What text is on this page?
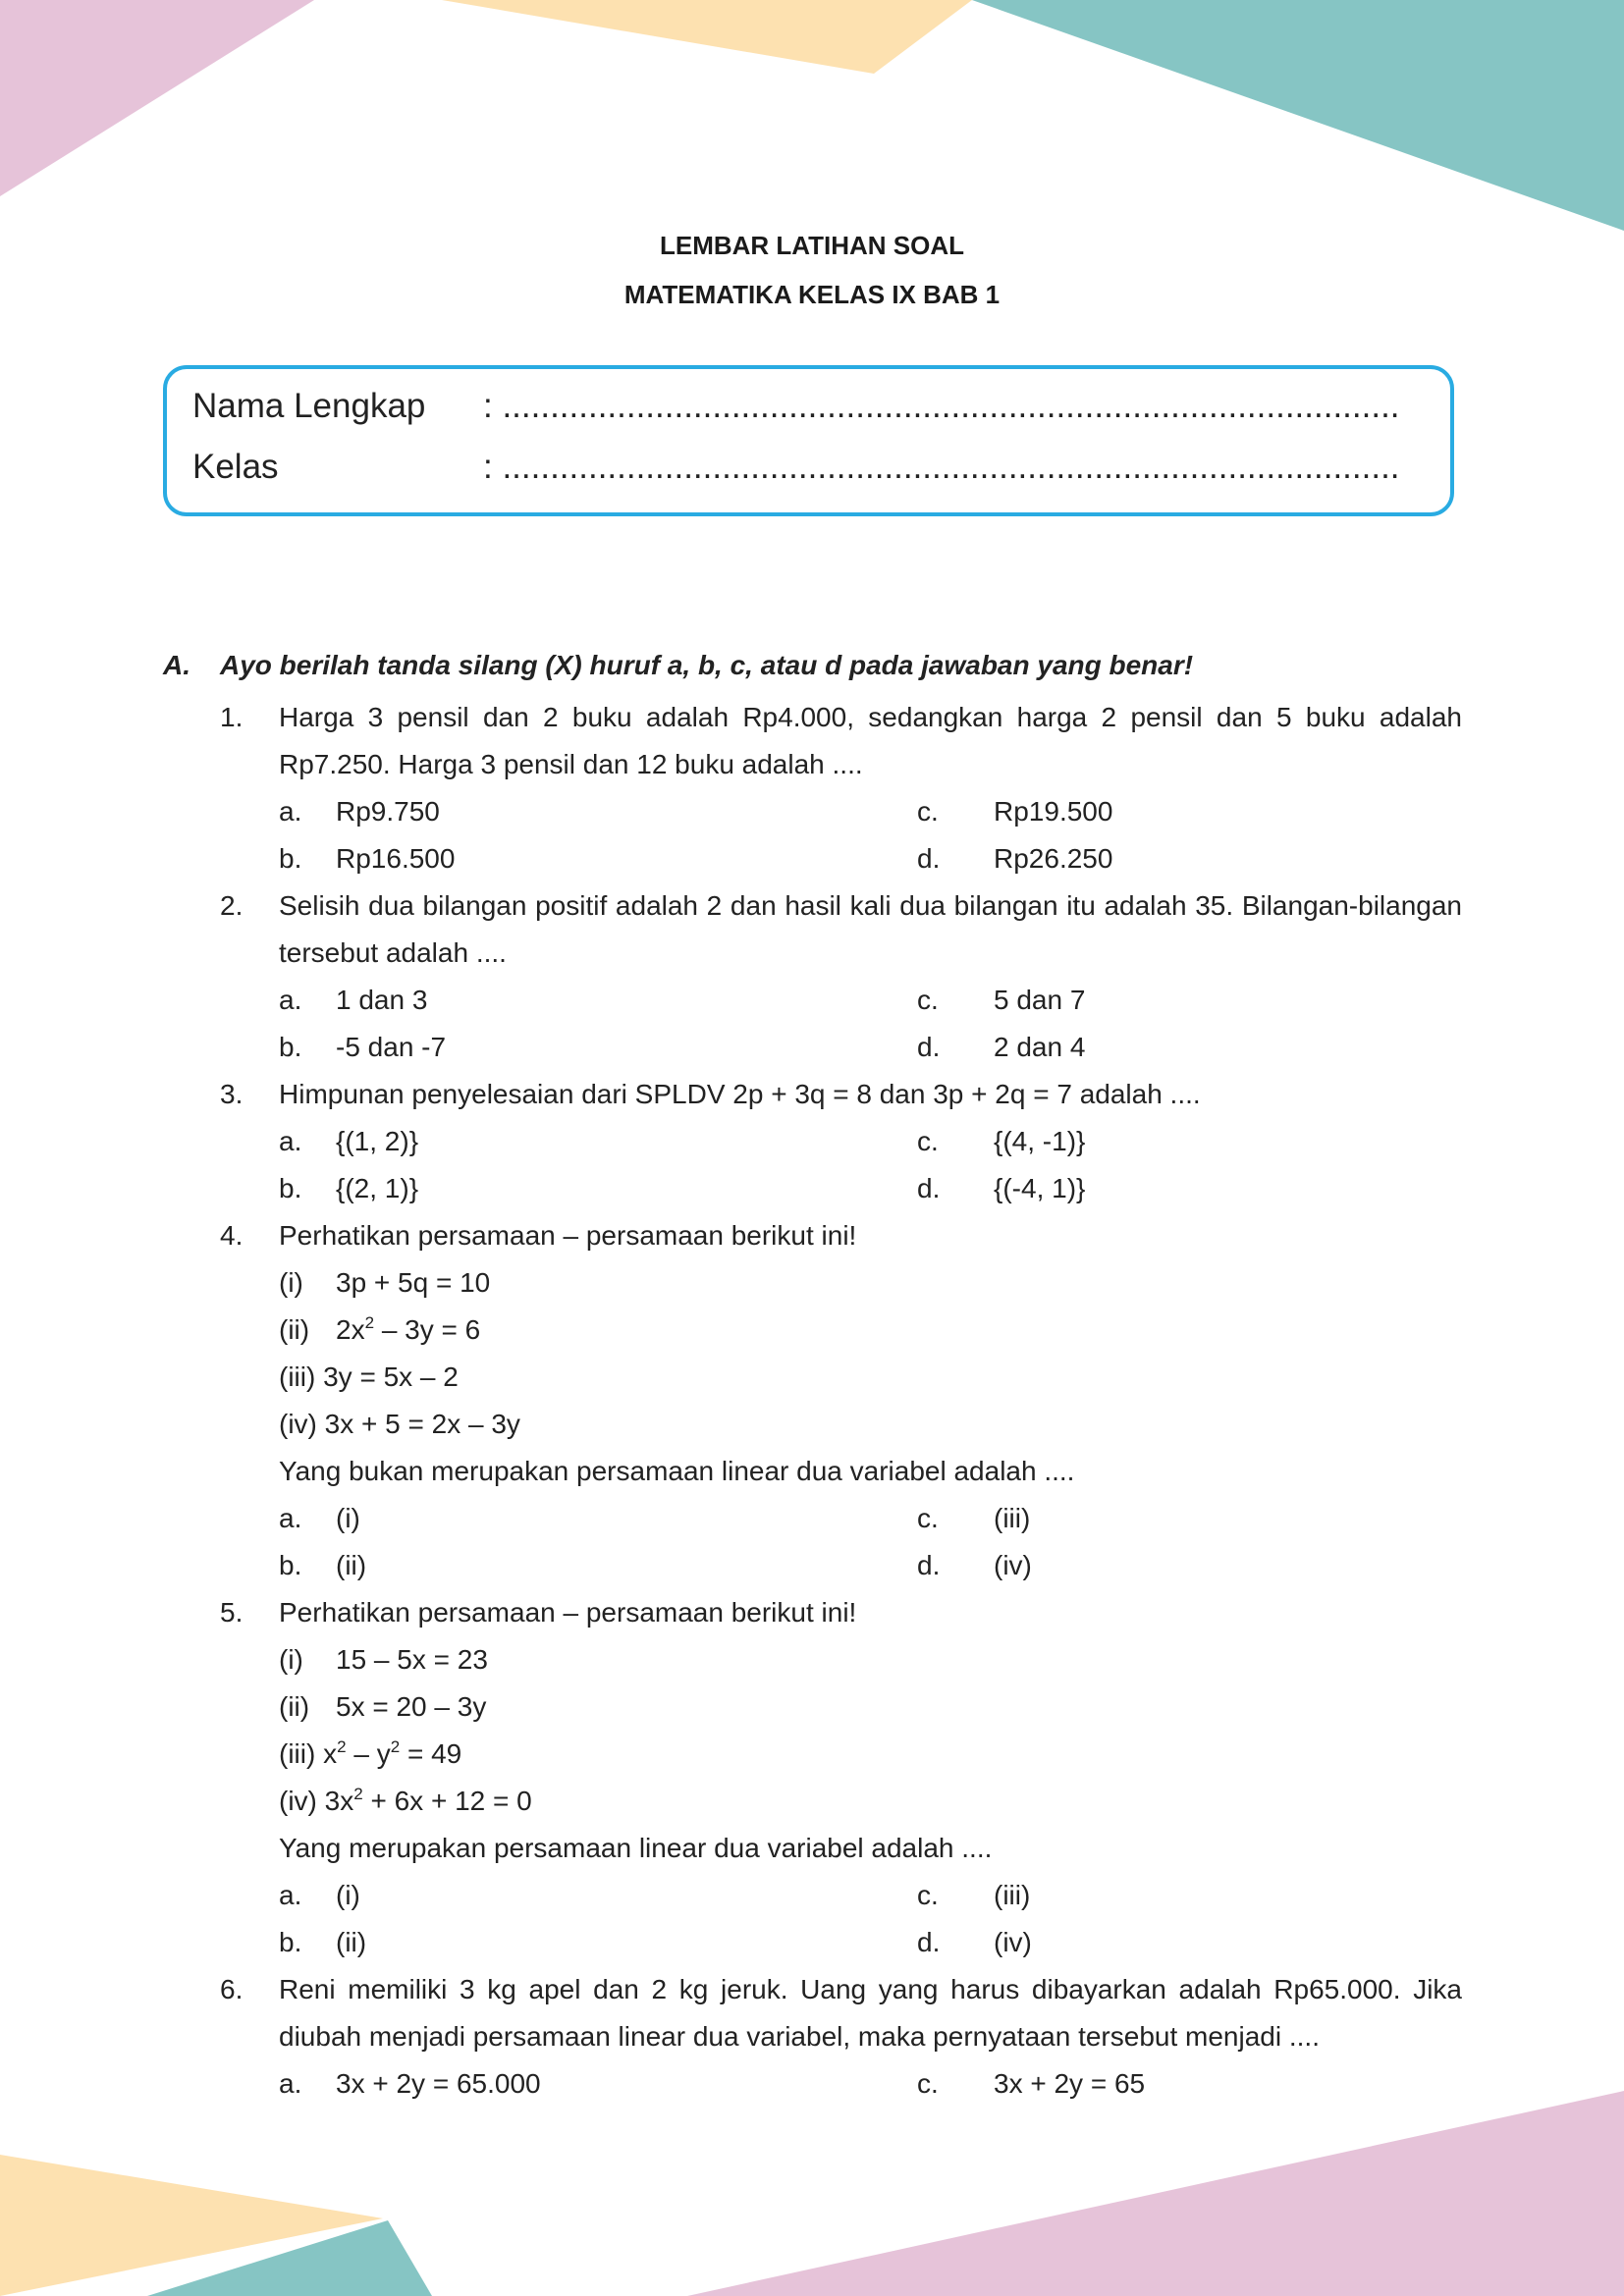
LEMBAR LATIHAN SOAL
MATEMATIKA KELAS IX BAB 1
Nama Lengkap : ..............................................................................................
Kelas	: ..............................................................................................
A. Ayo berilah tanda silang (X) huruf a, b, c, atau d pada jawaban yang benar!
1. Harga 3 pensil dan 2 buku adalah Rp4.000, sedangkan harga 2 pensil dan 5 buku adalah
Rp7.250. Harga 3 pensil dan 12 buku adalah ....
a. Rp9.750	c. Rp19.500
b. Rp16.500	d. Rp26.250
2. Selisih dua bilangan positif adalah 2 dan hasil kali dua bilangan itu adalah 35. Bilangan-bilangan
tersebut adalah ....
a. 1 dan 3	c. 5 dan 7
b. -5 dan -7	d. 2 dan 4
3. Himpunan penyelesaian dari SPLDV 2p + 3q = 8 dan 3p + 2q = 7 adalah ....
a. {(1, 2)}	c. {(4, -1)}
b. {(2, 1)}	d. {(-4, 1)}
4. Perhatikan persamaan – persamaan berikut ini!
(i) 3p + 5q = 10
(ii) $2x^2 - 3y = 6$
(iii) 3y = 5x – 2
(iv) 3x + 5 = 2x – 3y
Yang bukan merupakan persamaan linear dua variabel adalah ....
a. (i)	c. (iii)
b. (ii)	d. (iv)
5. Perhatikan persamaan – persamaan berikut ini!
(i) 15 – 5x = 23
(ii) 5x = 20 – 3y
(iii) $x^2 - y^2 = 49$
(iv) $3x^2 + 6x + 12 = 0$
Yang merupakan persamaan linear dua variabel adalah ....
a. (i)	c. (iii)
b. (ii)	d. (iv)
6. Reni memiliki 3 kg apel dan 2 kg jeruk. Uang yang harus dibayarkan adalah Rp65.000. Jika
diubah menjadi persamaan linear dua variabel, maka pernyataan tersebut menjadi ....
a. 3x + 2y = 65.000	c. 3x + 2y = 65
